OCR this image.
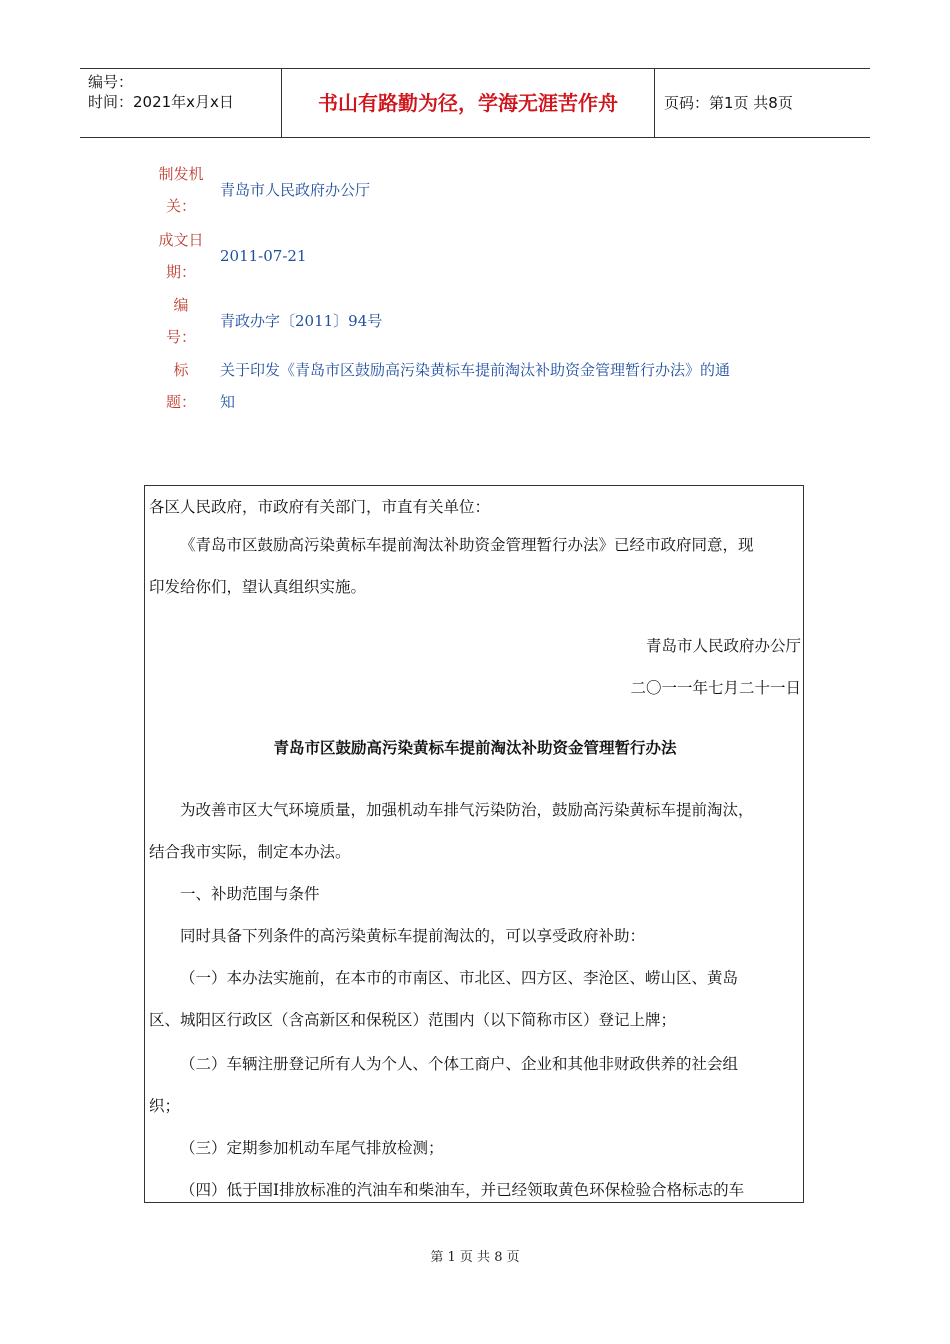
编号：
时间：2021年x月x日	书山有路勤为径，学海无涯苦作舟	页码：第1页 共8页
制发机
关：
青岛市人民政府办公厅
成文日
期：
2011-07-21
编
号：
青政办字〔2011〕94号
标
题：
关于印发《青岛市区鼓励高污染黄标车提前淘汰补助资金管理暂行办法》的通
知

各区人民政府，市政府有关部门，市直有关单位：

《青岛市区鼓励高污染黄标车提前淘汰补助资金管理暂行办法》已经市政府同意，现

印发给你们，望认真组织实施。

青岛市人民政府办公厅

二〇一一年七月二十一日

青岛市区鼓励高污染黄标车提前淘汰补助资金管理暂行办法

为改善市区大气环境质量，加强机动车排气污染防治，鼓励高污染黄标车提前淘汰，

结合我市实际，制定本办法。

一、补助范围与条件

同时具备下列条件的高污染黄标车提前淘汰的，可以享受政府补助：

（一）本办法实施前，在本市的市南区、市北区、四方区、李沧区、崂山区、黄岛

区、城阳区行政区（含高新区和保税区）范围内（以下简称市区）登记上牌；

（二）车辆注册登记所有人为个人、个体工商户、企业和其他非财政供养的社会组

织；

（三）定期参加机动车尾气排放检测；

（四）低于国Ⅰ排放标准的汽油车和柴油车，并已经领取黄色环保检验合格标志的车

第 1 页 共 8 页
